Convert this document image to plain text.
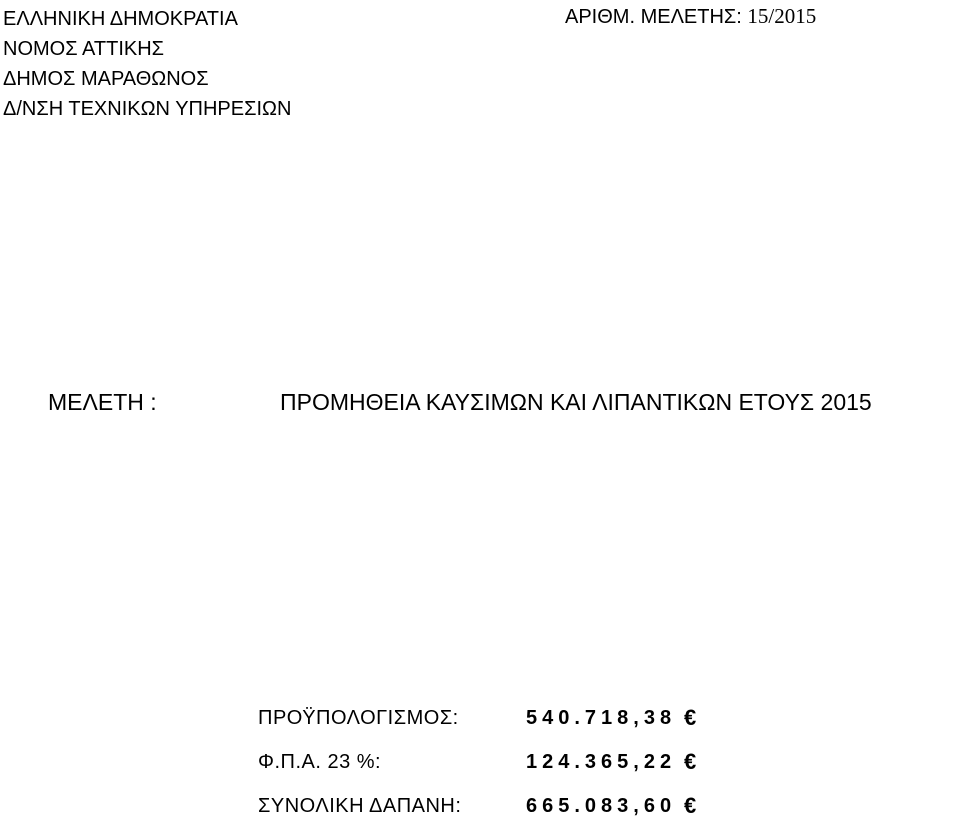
ΕΛΛΗΝΙΚΗ ΔΗΜΟΚΡΑΤΙΑ
ΝΟΜΟΣ ΑΤΤΙΚΗΣ
ΔΗΜΟΣ ΜΑΡΑΘΩΝΟΣ
Δ/ΝΣΗ ΤΕΧΝΙΚΩΝ ΥΠΗΡΕΣΙΩΝ
ΑΡΙΘΜ. ΜΕΛΕΤΗΣ: 15/2015
ΜΕΛΕΤΗ :	ΠΡΟΜΗΘΕΙΑ ΚΑΥΣΙΜΩΝ ΚΑΙ ΛΙΠΑΝΤΙΚΩΝ ΕΤΟΥΣ 2015
ΠΡΟΫΠΟΛΟΓΙΣΜΟΣ:	540.718,38 €
Φ.Π.Α. 23 %:	124.365,22 €
ΣΥΝΟΛΙΚΗ ΔΑΠΑΝΗ:	665.083,60 €
